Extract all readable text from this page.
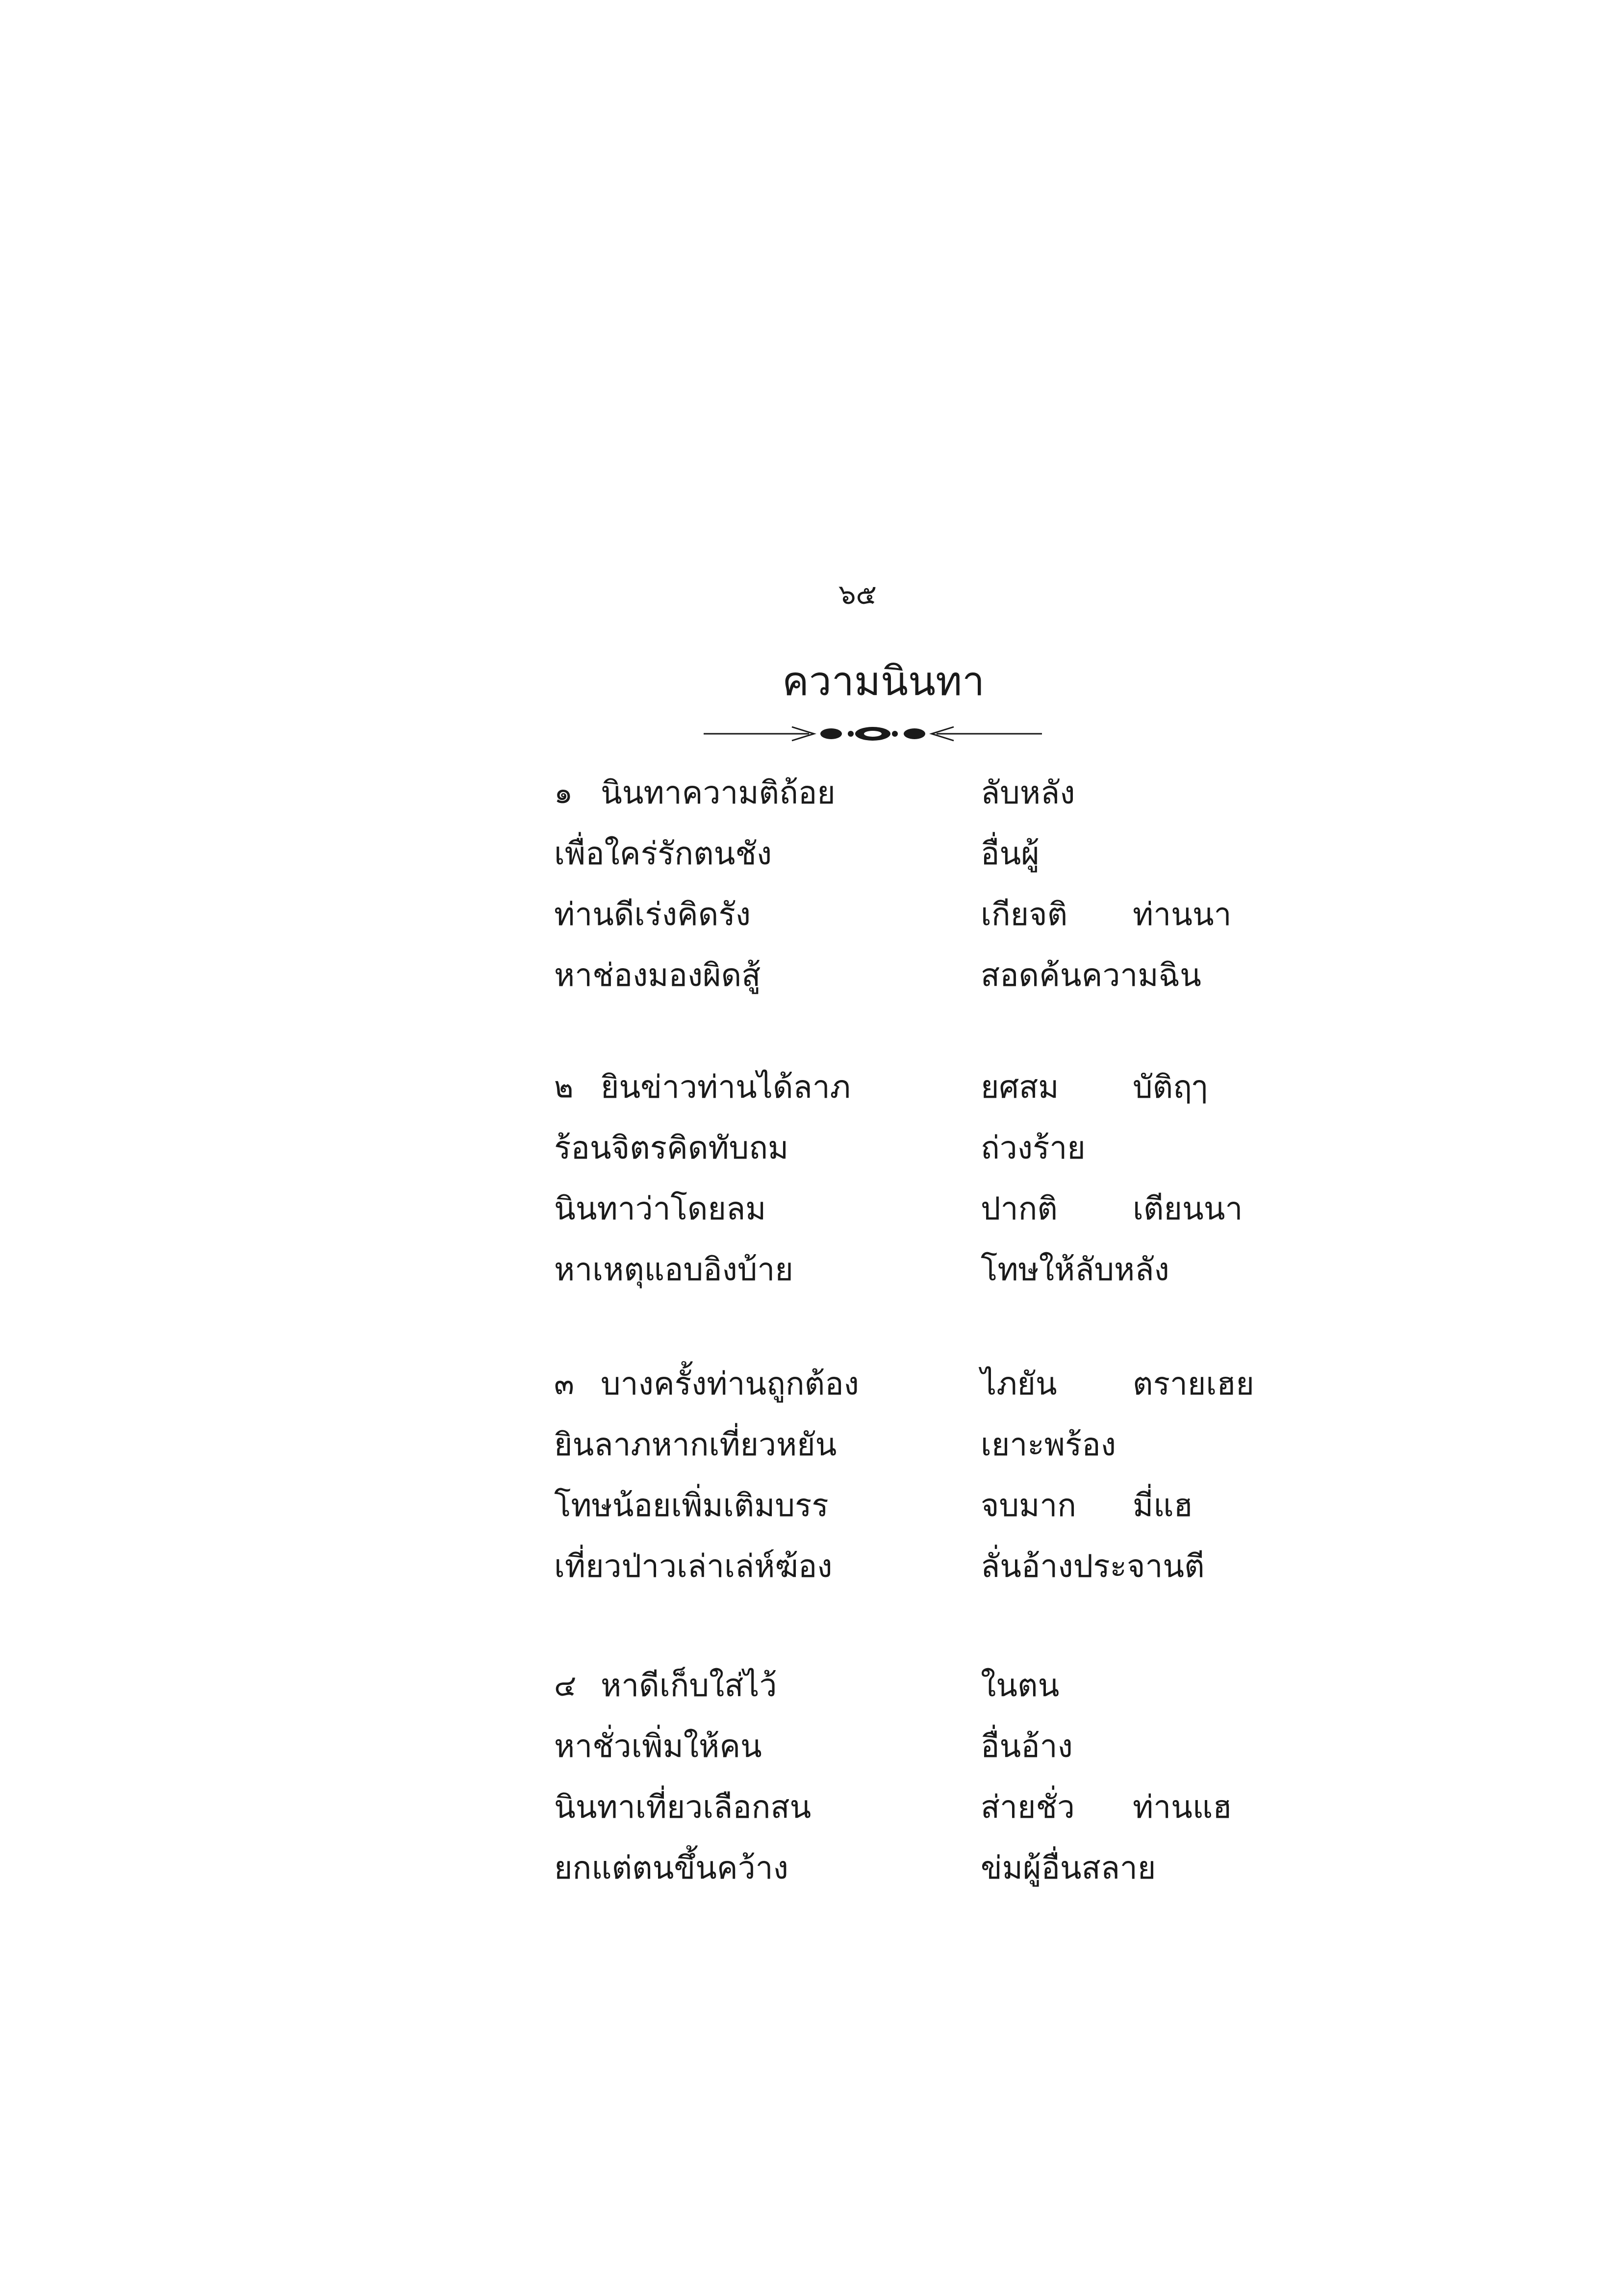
๖๕
ความนินทา
๑ นินทาความติถ้อย	ลับหลัง
เพื่อใคร่รักตนชัง	อื่นผู้
ท่านดีเร่งคิดรัง	เกียจติ ท่านนา
หาช่องมองผิดสู้	สอดค้นความฉิน
๒ ยินข่าวท่านได้ลาภ	ยศสม บัติฤๅ
ร้อนจิตรคิดทับถม	ถ่วงร้าย
นินทาว่าโดยลม	ปากติ เตียนนา
หาเหตุแอบอิงบ้าย	โทษให้ลับหลัง
๓ บางครั้งท่านถูกต้อง	ไภยัน ตรายเฮย
ยินลาภหากเที่ยวหยัน	เยาะพร้อง
โทษน้อยเพิ่มเติมบรร	จบมาก มี่แฮ
เที่ยวป่าวเล่าเล่ห์ฆ้อง	ลั่นอ้างประจานตี
๔ หาดีเก็บใส่ไว้	ในตน
หาชั่วเพิ่มให้คน	อื่นอ้าง
นินทาเที่ยวเลือกสน	ส่ายชั่ว ท่านแฮ
ยกแต่ตนขึ้นคว้าง	ข่มผู้อื่นสลาย
